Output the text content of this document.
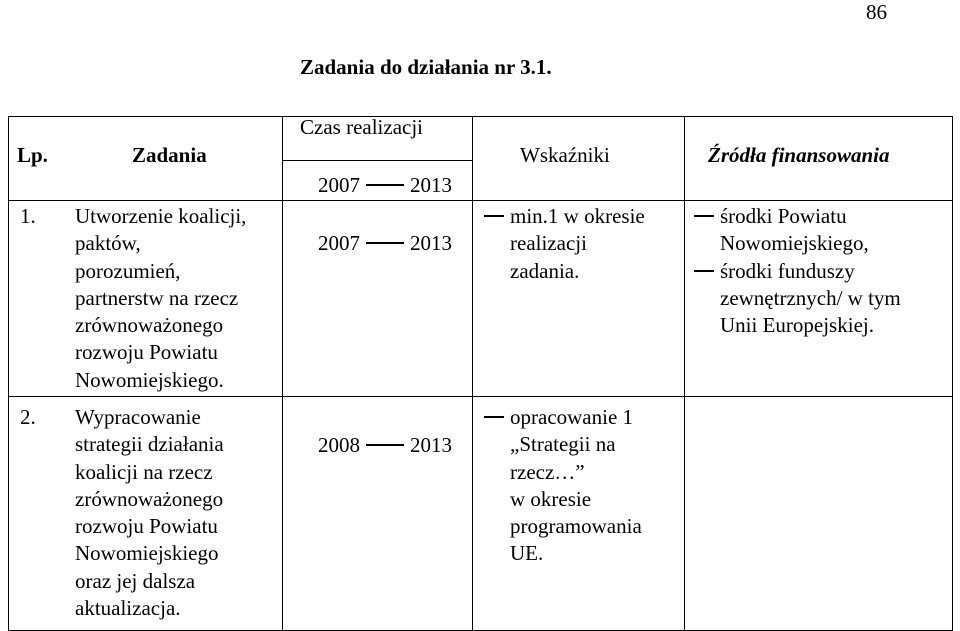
86
Zadania do działania nr 3.1.
Lp.	Zadania
Czas realizacji
2007 2013
Wskaźniki	Źródła finansowania
1. Utworzenie koalicji,
paktów,
porozumień,
partnerstw na rzecz
zrównoważonego
rozwoju Powiatu
Nowomiejskiego.
2007 2013
min.1 w okresie
realizacji
zadania.
środki Powiatu
Nowomiejskiego,
środki funduszy
zewnętrznych/ w tym
Unii Europejskiej.
2. Wypracowanie
strategii działania
koalicji na rzecz
zrównoważonego
rozwoju Powiatu
Nowomiejskiego
oraz jej dalsza
aktualizacja.
2008 2013
opracowanie 1
„Strategii na
rzecz…”
w okresie
programowania
UE.
